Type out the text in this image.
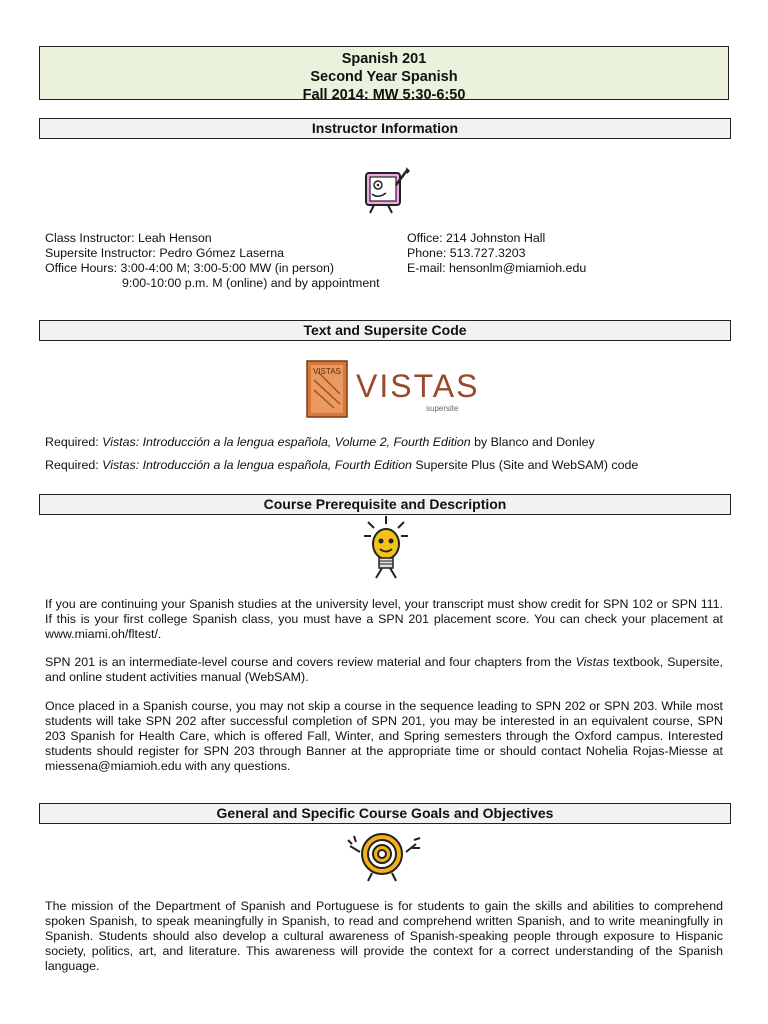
Spanish 201
Second Year Spanish
Fall 2014: MW 5:30-6:50
Instructor Information
Class Instructor: Leah Henson
Supersite Instructor: Pedro Gómez Laserna
Office Hours: 3:00-4:00 M; 3:00-5:00 MW (in person)
9:00-10:00 p.m. M (online) and by appointment
Office: 214 Johnston Hall
Phone: 513.727.3203
E-mail: hensonlm@miamioh.edu
Text and Supersite Code
VISTAS VISTAS
supersite
Required: Vistas: Introducción a la lengua española, Volume 2, Fourth Edition by Blanco and Donley
Required: Vistas: Introducción a la lengua española, Fourth Edition Supersite Plus (Site and WebSAM) code
Course Prerequisite and Description
If you are continuing your Spanish studies at the university level, your transcript must show credit for SPN 102 or SPN 111. If this is your first college Spanish class, you must have a SPN 201 placement score. You can check your placement at www.miami.oh/fltest/.
SPN 201 is an intermediate-level course and covers review material and four chapters from the Vistas textbook, Supersite, and online student activities manual (WebSAM).
Once placed in a Spanish course, you may not skip a course in the sequence leading to SPN 202 or SPN 203. While most students will take SPN 202 after successful completion of SPN 201, you may be interested in an equivalent course, SPN 203 Spanish for Health Care, which is offered Fall, Winter, and Spring semesters through the Oxford campus. Interested students should register for SPN 203 through Banner at the appropriate time or should contact Nohelia Rojas-Miesse at miessena@miamioh.edu with any questions.
General and Specific Course Goals and Objectives
The mission of the Department of Spanish and Portuguese is for students to gain the skills and abilities to comprehend spoken Spanish, to speak meaningfully in Spanish, to read and comprehend written Spanish, and to write meaningfully in Spanish. Students should also develop a cultural awareness of Spanish-speaking people through exposure to Hispanic society, politics, art, and literature. This awareness will provide the context for a correct understanding of the Spanish language.
